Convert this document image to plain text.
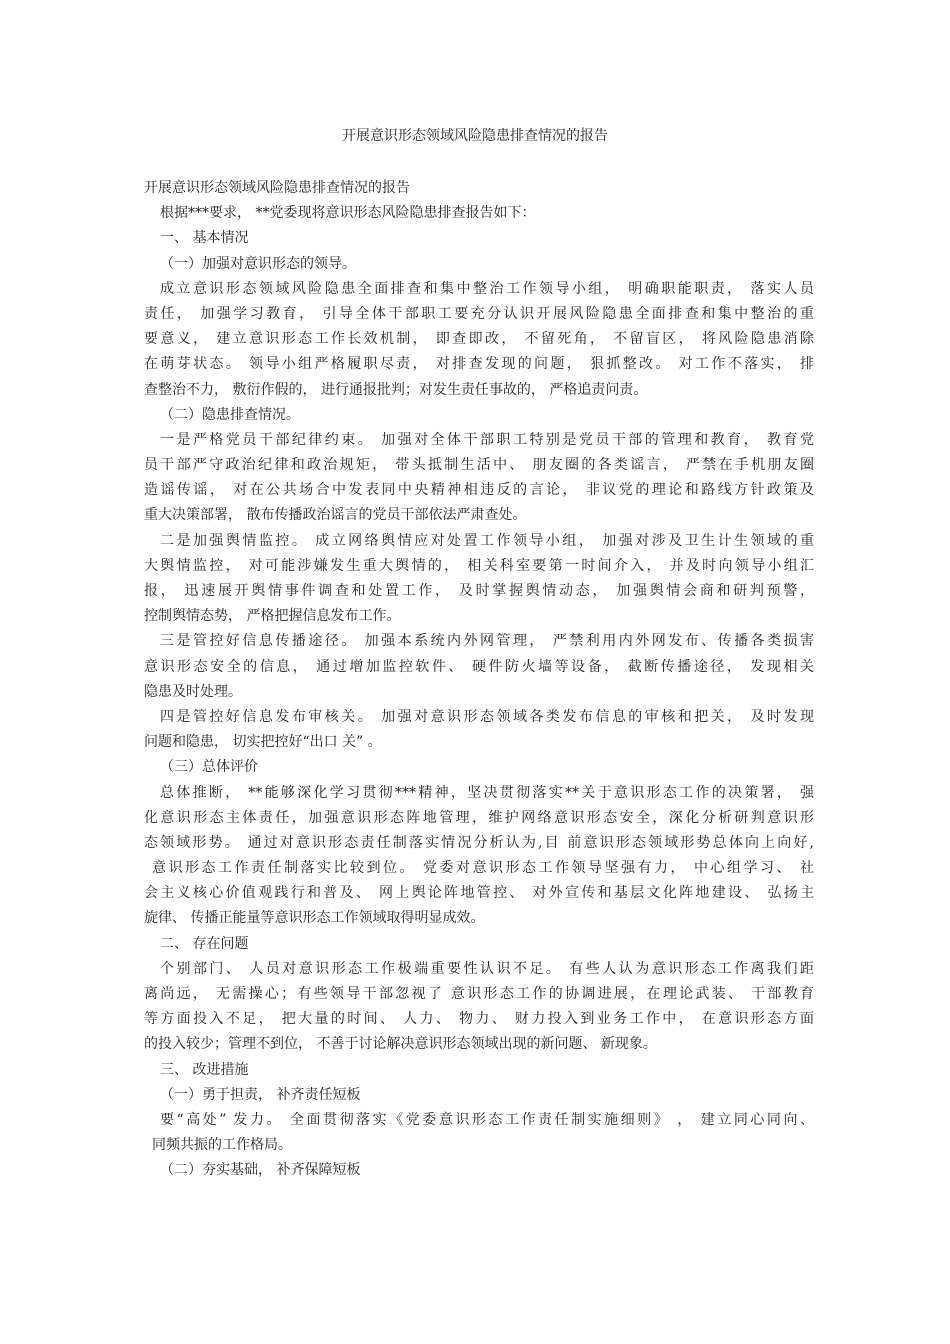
开展意识形态领域风险隐患排查情况的报告
开展意识形态领域风险隐患排查情况的报告
根据***要求， **党委现将意识形态风险隐患排查报告如下：
一、 基本情况
（一）加强对意识形态的领导。
成立意识形态领域风险隐患全面排查和集中整治工作领导小组， 明确职能职责， 落实人员
责任， 加强学习教育， 引导全体干部职工要充分认识开展风险隐患全面排查和集中整治的重
要意义， 建立意识形态工作长效机制， 即查即改， 不留死角， 不留盲区， 将风险隐患消除
在萌芽状态。 领导小组严格履职尽责， 对排查发现的问题， 狠抓整改。 对工作不落实， 排
查整治不力， 敷衍作假的， 进行通报批判；对发生责任事故的， 严格追责问责。
（二）隐患排查情况。
一是严格党员干部纪律约束。 加强对全体干部职工特别是党员干部的管理和教育， 教育党
员干部严守政治纪律和政治规矩， 带头抵制生活中、 朋友圈的各类谣言， 严禁在手机朋友圈
造谣传谣， 对在公共场合中发表同中央精神相违反的言论， 非议党的理论和路线方针政策及
重大决策部署， 散布传播政治谣言的党员干部依法严肃查处。
二是加强舆情监控。 成立网络舆情应对处置工作领导小组， 加强对涉及卫生计生领域的重
大舆情监控， 对可能涉嫌发生重大舆情的， 相关科室要第一时间介入， 并及时向领导小组汇
报， 迅速展开舆情事件调查和处置工作， 及时掌握舆情动态， 加强舆情会商和研判预警，
控制舆情态势， 严格把握信息发布工作。
三是管控好信息传播途径。 加强本系统内外网管理， 严禁利用内外网发布、传播各类损害
意识形态安全的信息， 通过增加监控软件、 硬件防火墙等设备， 截断传播途径， 发现相关
隐患及时处理。
四是管控好信息发布审核关。 加强对意识形态领域各类发布信息的审核和把关， 及时发现
问题和隐患， 切实把控好“出口 关” 。
（三）总体评价
总体推断， **能够深化学习贯彻***精神，坚决贯彻落实**关于意识形态工作的决策署， 强
化意识形态主体责任，加强意识形态阵地管理，维护网络意识形态安全，深化分析研判意识形
态领域形势。 通过对意识形态责任制落实情况分析认为,目 前意识形态领域形势总体向上向好,
意识形态工作责任制落实比较到位。 党委对意识形态工作领导坚强有力， 中心组学习、 社
会主义核心价值观践行和普及、 网上舆论阵地管控、 对外宣传和基层文化阵地建设、 弘扬主
旋律、 传播正能量等意识形态工作领域取得明显成效。
二、 存在问题
个别部门、 人员对意识形态工作极端重要性认识不足。 有些人认为意识形态工作离我们距
离尚远， 无需操心；有些领导干部忽视了 意识形态工作的协调进展，在理论武装、 干部教育
等方面投入不足， 把大量的时间、 人力、 物力、 财力投入到业务工作中， 在意识形态方面
的投入较少；管理不到位， 不善于讨论解决意识形态领域出现的新问题、 新现象。
三、 改进措施
（一）勇于担责， 补齐责任短板
要“高处” 发力。 全面贯彻落实《党委意识形态工作责任制实施细则》 ， 建立同心同向、
同频共振的工作格局。
（二）夯实基础， 补齐保障短板
